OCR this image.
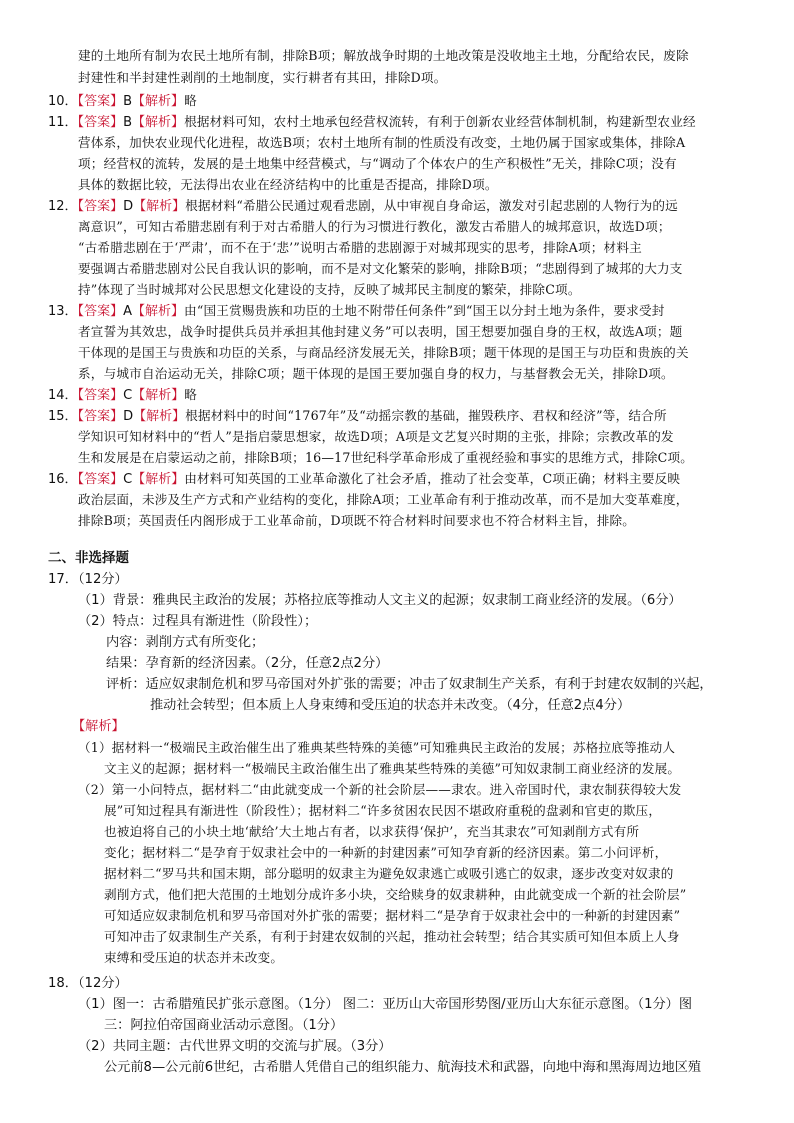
建的土地所有制为农民土地所有制，排除B项；解放战争时期的土地改策是没收地主土地，分配给农民，废除
封建性和半封建性剥削的土地制度，实行耕者有其田，排除D项。
10．【答案】B【解析】略
11．【答案】B【解析】根据材料可知，农村土地承包经营权流转，有利于创新农业经营体制机制，构建新型农业经
营体系，加快农业现代化进程，故选B项；农村土地所有制的性质没有改变，土地仍属于国家或集体，排除A
项；经营权的流转，发展的是土地集中经营模式，与“调动了个体农户的生产积极性”无关，排除C项；没有
具体的数据比较，无法得出农业在经济结构中的比重是否提高，排除D项。
12．【答案】D【解析】根据材料“希腊公民通过观看悲剧，从中审视自身命运，激发对引起悲剧的人物行为的远
离意识”，可知古希腊悲剧有利于对古希腊人的行为习惯进行教化，激发古希腊人的城邦意识，故选D项；
“古希腊悲剧在于‘严肃’，而不在于‘悲’”说明古希腊的悲剧源于对城邦现实的思考，排除A项；材料主
要强调古希腊悲剧对公民自我认识的影响，而不是对文化繁荣的影响，排除B项；“悲剧得到了城邦的大力支
持”体现了当时城邦对公民思想文化建设的支持，反映了城邦民主制度的繁荣，排除C项。
13．【答案】A【解析】由“国王赏赐贵族和功臣的土地不附带任何条件”到“国王以分封土地为条件，要求受封
者宣誓为其效忠，战争时提供兵员并承担其他封建义务”可以表明，国王想要加强自身的王权，故选A项；题
干体现的是国王与贵族和功臣的关系，与商品经济发展无关，排除B项；题干体现的是国王与功臣和贵族的关
系，与城市自治运动无关，排除C项；题干体现的是国王要加强自身的权力，与基督教会无关，排除D项。
14．【答案】C【解析】略
15．【答案】D【解析】根据材料中的时间“1767年”及“动摇宗教的基础，摧毁秩序、君权和经济”等，结合所
学知识可知材料中的“哲人”是指启蒙思想家，故选D项；A项是文艺复兴时期的主张，排除；宗教改革的发
生和发展是在启蒙运动之前，排除B项；16—17世纪科学革命形成了重视经验和事实的思维方式，排除C项。
16．【答案】C【解析】由材料可知英国的工业革命激化了社会矛盾，推动了社会变革，C项正确；材料主要反映
政治层面，未涉及生产方式和产业结构的变化，排除A项；工业革命有利于推动改革，而不是加大变革难度，
排除B项；英国责任内阁形成于工业革命前，D项既不符合材料时间要求也不符合材料主旨，排除。
二、非选择题
17．（12分）
（1）背景：雅典民主政治的发展；苏格拉底等推动人文主义的起源；奴隶制工商业经济的发展。（6分）
（2）特点：过程具有渐进性（阶段性）；
内容：剥削方式有所变化；
结果：孕育新的经济因素。（2分，任意2点2分）
评析：适应奴隶制危机和罗马帝国对外扩张的需要；冲击了奴隶制生产关系，有利于封建农奴制的兴起，
推动社会转型；但本质上人身束缚和受压迫的状态并未改变。（4分，任意2点4分）
【解析】
（1）据材料一“极端民主政治催生出了雅典某些特殊的美德”可知雅典民主政治的发展；苏格拉底等推动人
文主义的起源；据材料一“极端民主政治催生出了雅典某些特殊的美德”可知奴隶制工商业经济的发展。
（2）第一小问特点，据材料二“由此就变成一个新的社会阶层——隶农。进入帝国时代，隶农制获得较大发
展”可知过程具有渐进性（阶段性）；据材料二“许多贫困农民因不堪政府重税的盘剥和官吏的欺压，
也被迫将自己的小块土地‘献给’大土地占有者，以求获得‘保护’，充当其隶农”可知剥削方式有所
变化；据材料二“是孕育于奴隶社会中的一种新的封建因素”可知孕育新的经济因素。第二小问评析，
据材料二“罗马共和国末期，部分聪明的奴隶主为避免奴隶逃亡或吸引逃亡的奴隶，逐步改变对奴隶的
剥削方式，他们把大范围的土地划分成许多小块，交给赎身的奴隶耕种，由此就变成一个新的社会阶层”
可知适应奴隶制危机和罗马帝国对外扩张的需要；据材料二“是孕育于奴隶社会中的一种新的封建因素”
可知冲击了奴隶制生产关系，有利于封建农奴制的兴起，推动社会转型；结合其实质可知但本质上人身
束缚和受压迫的状态并未改变。
18．（12分）
（1）图一：古希腊殖民扩张示意图。（1分） 图二：亚历山大帝国形势图/亚历山大东征示意图。（1分）图
三：阿拉伯帝国商业活动示意图。（1分）
（2）共同主题：古代世界文明的交流与扩展。（3分）
公元前8—公元前6世纪，古希腊人凭借自己的组织能力、航海技术和武器，向地中海和黑海周边地区殖
